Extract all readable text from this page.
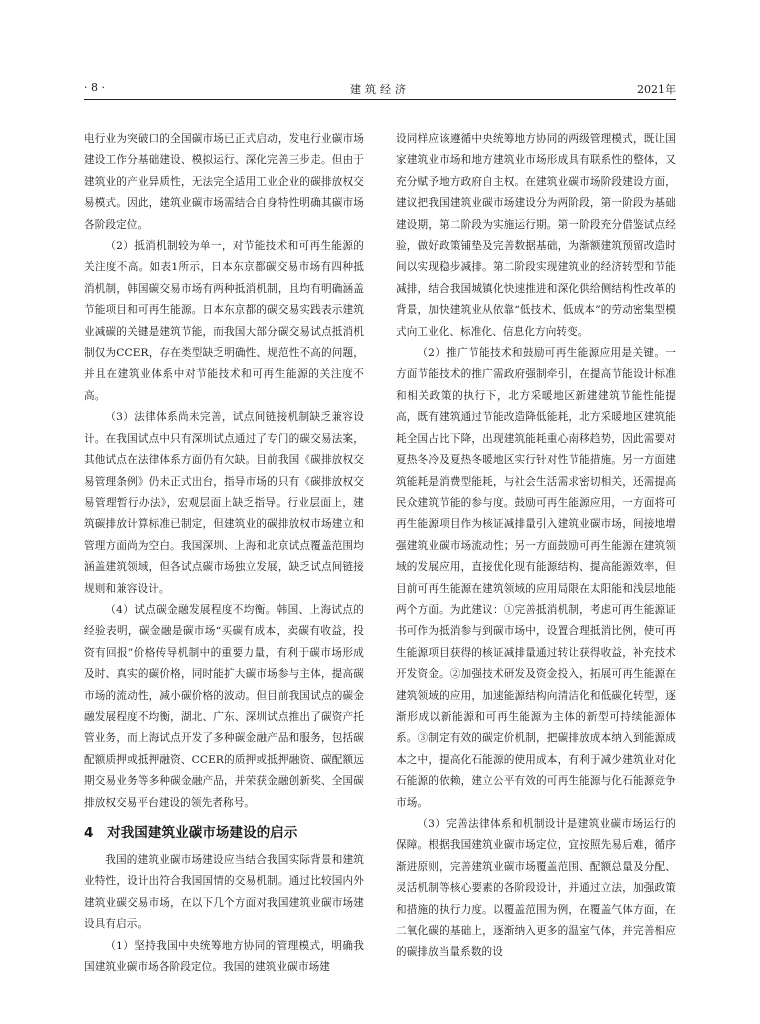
· 8 ·	建筑经济	2021年

电行业为突破口的全国碳市场已正式启动，发电行业碳市场建设工作分基础建设、模拟运行、深化完善三步走。但由于建筑业的产业异质性，无法完全适用工业企业的碳排放权交易模式。因此，建筑业碳市场需结合自身特性明确其碳市场各阶段定位。

（2）抵消机制较为单一，对节能技术和可再生能源的关注度不高。如表1所示，日本东京都碳交易市场有四种抵消机制，韩国碳交易市场有两种抵消机制，且均有明确涵盖节能项目和可再生能源。日本东京都的碳交易实践表示建筑业减碳的关键是建筑节能，而我国大部分碳交易试点抵消机制仅为CCER，存在类型缺乏明确性、规范性不高的问题，并且在建筑业体系中对节能技术和可再生能源的关注度不高。

（3）法律体系尚未完善，试点间链接机制缺乏兼容设计。在我国试点中只有深圳试点通过了专门的碳交易法案，其他试点在法律体系方面仍有欠缺。目前我国《碳排放权交易管理条例》仍未正式出台，指导市场的只有《碳排放权交易管理暂行办法》，宏观层面上缺乏指导。行业层面上，建筑碳排放计算标准已制定，但建筑业的碳排放权市场建立和管理方面尚为空白。我国深圳、上海和北京试点覆盖范围均涵盖建筑领域，但各试点碳市场独立发展，缺乏试点间链接规则和兼容设计。

（4）试点碳金融发展程度不均衡。韩国、上海试点的经验表明，碳金融是碳市场“买碳有成本，卖碳有收益，投资有回报”价格传导机制中的重要力量，有利于碳市场形成及时、真实的碳价格，同时能扩大碳市场参与主体，提高碳市场的流动性，减小碳价格的波动。但目前我国试点的碳金融发展程度不均衡，湖北、广东、深圳试点推出了碳资产托管业务，而上海试点开发了多种碳金融产品和服务，包括碳配额质押或抵押融资、CCER的质押或抵押融资、碳配额远期交易业务等多种碳金融产品，并荣获金融创新奖、全国碳排放权交易平台建设的领先者称号。

4　对我国建筑业碳市场建设的启示

我国的建筑业碳市场建设应当结合我国实际背景和建筑业特性，设计出符合我国国情的交易机制。通过比较国内外建筑业碳交易市场，在以下几个方面对我国建筑业碳市场建设具有启示。

（1）坚持我国中央统筹地方协同的管理模式，明确我国建筑业碳市场各阶段定位。我国的建筑业碳市场建

设同样应该遵循中央统筹地方协同的两级管理模式，既让国家建筑业市场和地方建筑业市场形成具有联系性的整体，又充分赋予地方政府自主权。在建筑业碳市场阶段建设方面，建议把我国建筑业碳市场建设分为两阶段，第一阶段为基础建设期，第二阶段为实施运行期。第一阶段充分借鉴试点经验，做好政策铺垫及完善数据基础，为渐额建筑预留改造时间以实现稳步减排。第二阶段实现建筑业的经济转型和节能减排，结合我国城镇化快速推进和深化供给侧结构性改革的背景，加快建筑业从依靠“低技术、低成本”的劳动密集型模式向工业化、标准化、信息化方向转变。

（2）推广节能技术和鼓励可再生能源应用是关键。一方面节能技术的推广需政府强制牵引，在提高节能设计标准和相关政策的执行下，北方采暖地区新建建筑节能性能提高，既有建筑通过节能改造降低能耗，北方采暖地区建筑能耗全国占比下降，出现建筑能耗重心南移趋势，因此需要对夏热冬冷及夏热冬暖地区实行针对性节能措施。另一方面建筑能耗是消费型能耗，与社会生活需求密切相关，还需提高民众建筑节能的参与度。鼓励可再生能源应用，一方面将可再生能源项目作为核证减排量引入建筑业碳市场，间接地增强建筑业碳市场流动性；另一方面鼓励可再生能源在建筑领域的发展应用，直接优化现有能源结构、提高能源效率，但目前可再生能源在建筑领域的应用局限在太阳能和浅层地能两个方面。为此建议：①完善抵消机制，考虑可再生能源证书可作为抵消参与到碳市场中，设置合理抵消比例，使可再生能源项目获得的核证减排量通过转让获得收益，补充技术开发资金。②加强技术研发及资金投入，拓展可再生能源在建筑领域的应用，加速能源结构向清洁化和低碳化转型，逐渐形成以新能源和可再生能源为主体的新型可持续能源体系。③制定有效的碳定价机制，把碳排放成本纳入到能源成本之中，提高化石能源的使用成本，有利于减少建筑业对化石能源的依赖，建立公平有效的可再生能源与化石能源竞争市场。

（3）完善法律体系和机制设计是建筑业碳市场运行的保障。根据我国建筑业碳市场定位，宜按照先易后难，循序渐进原则，完善建筑业碳市场覆盖范围、配额总量及分配、灵活机制等核心要素的各阶段设计，并通过立法，加强政策和措施的执行力度。以覆盖范围为例，在覆盖气体方面，在二氧化碳的基础上，逐渐纳入更多的温室气体，并完善相应的碳排放当量系数的设
